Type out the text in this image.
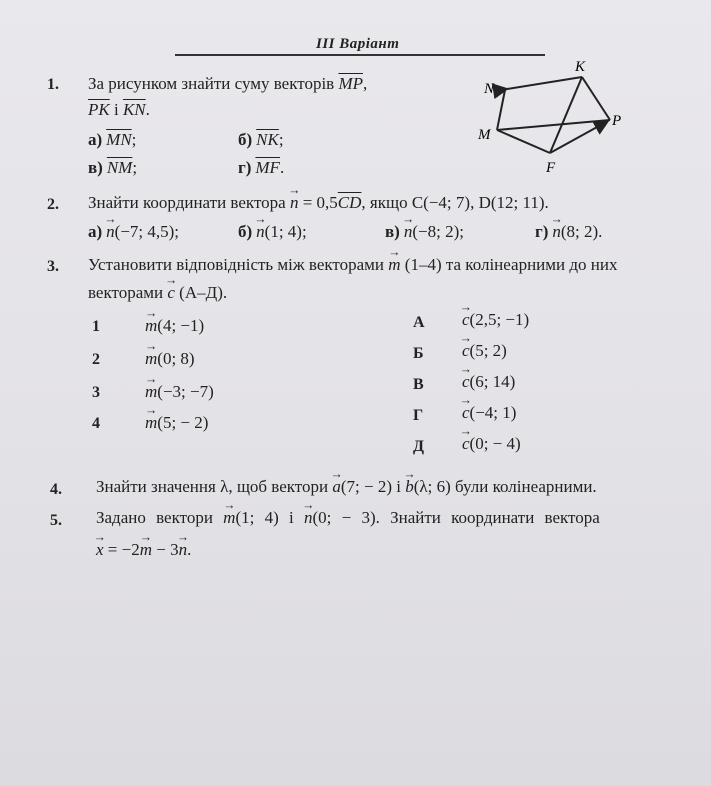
III Варіант
1. За рисунком знайти суму векторів $\overline{MP}$,
$\overline{PK}$ і $\overline{KN}$.
а) $\overline{MN}$;	б) $\overline{NK}$;
в) $\overline{NM}$;	г) $\overline{MF}$.
N
K
M
P
F
2. Знайти координати вектора → $n = 0,5\overline{CD}$, якщо C(−4; 7), D(12; 11).
а) → n(−7; 4,5);	б) → n(1; 4);	в) → n(−8; 2);	г) → n(8; 2).
3. Установити відповідність між векторами → m (1–4) та колінеарними до них
векторами → c (А–Д).
1	→ m(4; −1)
2	→ m(0; 8)
3	→ m(−3; −7)
4	→ m(5; − 2)
А → c(2,5; −1)
Б → c(5; 2)
В → c(6; 14)
Г → c(−4; 1)
Д → c(0; − 4)
4. Знайти значення λ, щоб вектори → a(7; − 2) і → b(λ; 6) були колінеарними.
5. Задано вектори → m(1; 4) і → n(0; − 3). Знайти координати вектора
→ x = −2→ m − 3→ n.
